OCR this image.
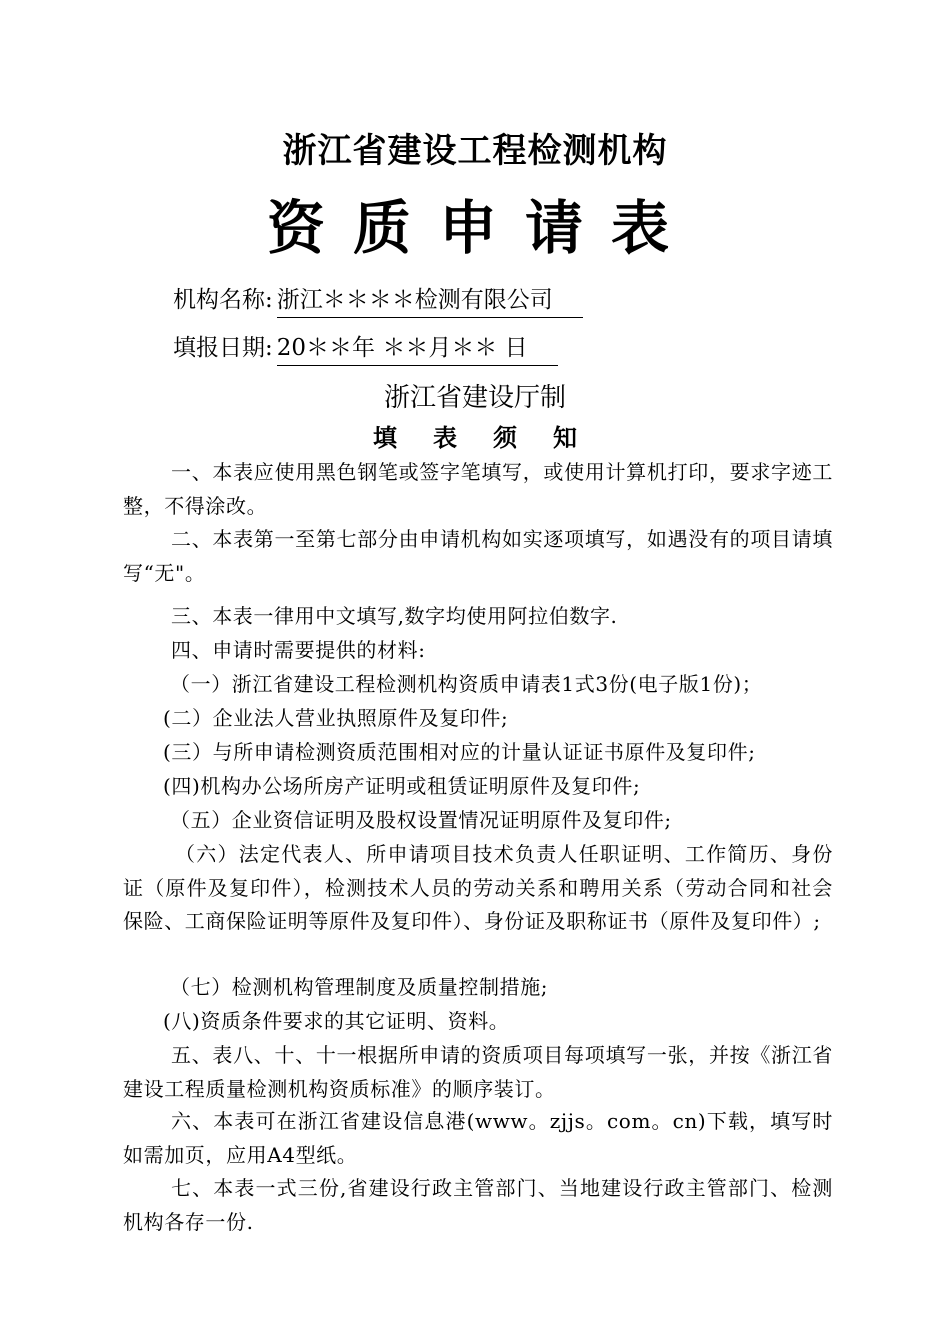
浙江省建设工程检测机构
资质申请表
机构名称: 浙江＊＊＊＊检测有限公司
填报日期: 20＊＊年 ＊＊月＊＊ 日
浙江省建设厅制
填表须知
一、本表应使用黑色钢笔或签字笔填写，或使用计算机打印，要求字迹工整，不得涂改。
二、本表第一至第七部分由申请机构如实逐项填写，如遇没有的项目请填写“无"。
三、本表一律用中文填写,数字均使用阿拉伯数字.
四、申请时需要提供的材料:
（一）浙江省建设工程检测机构资质申请表1式3份(电子版1份)；
(二）企业法人营业执照原件及复印件;
(三）与所申请检测资质范围相对应的计量认证证书原件及复印件;
(四)机构办公场所房产证明或租赁证明原件及复印件;
（五）企业资信证明及股权设置情况证明原件及复印件;
（六）法定代表人、所申请项目技术负责人任职证明、工作简历、身份证（原件及复印件），检测技术人员的劳动关系和聘用关系（劳动合同和社会保险、工商保险证明等原件及复印件）、身份证及职称证书（原件及复印件）;
（七）检测机构管理制度及质量控制措施;
(八)资质条件要求的其它证明、资料。
五、表八、十、十一根据所申请的资质项目每项填写一张，并按《浙江省建设工程质量检测机构资质标准》的顺序装订。
六、本表可在浙江省建设信息港(www。zjjs。com。cn)下载，填写时如需加页，应用A4型纸。
七、本表一式三份,省建设行政主管部门、当地建设行政主管部门、检测机构各存一份.
